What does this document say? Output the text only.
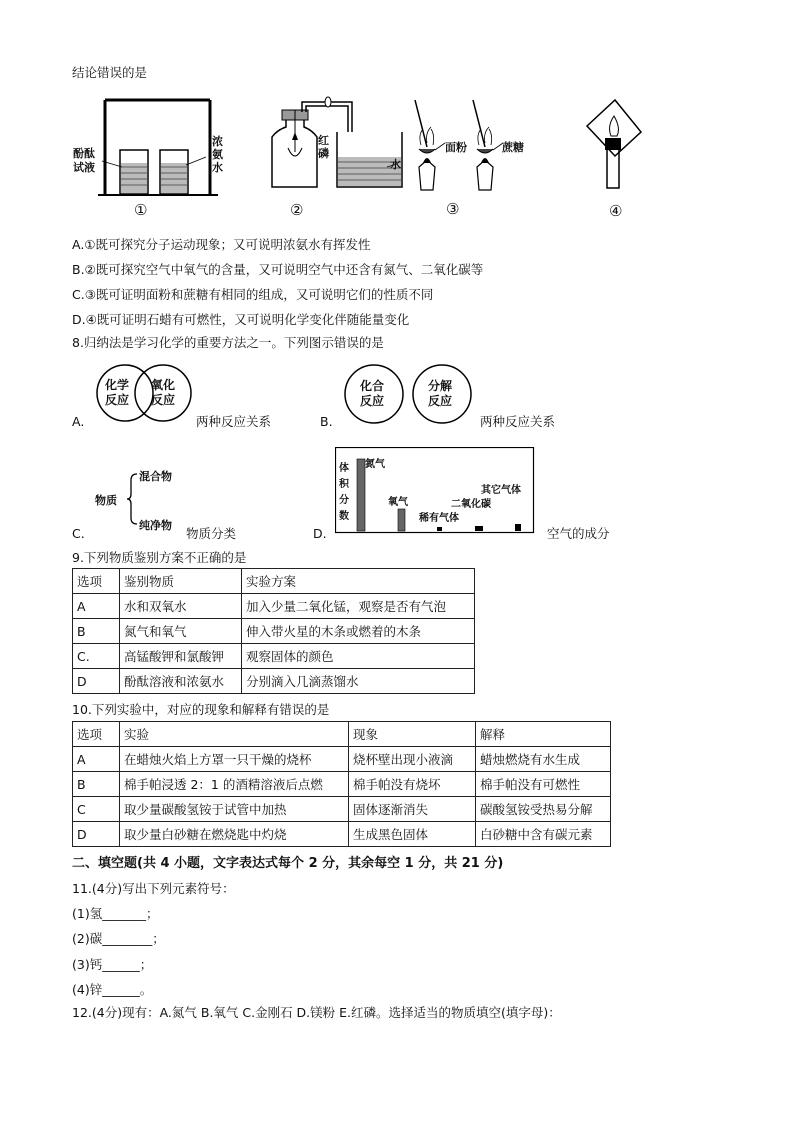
结论错误的是
酚酞试液
浓氨水
①
红磷
水
②
面粉	蔗糖
③	④
A.①既可探究分子运动现象；又可说明浓氨水有挥发性
B.②既可探究空气中氧气的含量，又可说明空气中还含有氮气、二氧化碳等
C.③既可证明面粉和蔗糖有相同的组成，又可说明它们的性质不同
D.④既可证明石蜡有可燃性，又可说明化学变化伴随能量变化
8.归纳法是学习化学的重要方法之一。下列图示错误的是
化学反应
氧化反应
A.	两种反应关系
化合反应
分解反应
B.	两种反应关系
物质
混合物
纯净物
C.	物质分类
体积分数
氮气
氧气
稀有气体
二氧化碳
其它气体
D.	空气的成分
9.下列物质鉴别方案不正确的是
选项	鉴别物质	实验方案
A	水和双氧水	加入少量二氧化锰，观察是否有气泡
B	氮气和氧气	伸入带火星的木条或燃着的木条
C.	高锰酸钾和氯酸钾	观察固体的颜色
D	酚酞溶液和浓氨水	分别滴入几滴蒸馏水
10.下列实验中，对应的现象和解释有错误的是
选项	实验	现象	解释
A	在蜡烛火焰上方罩一只干燥的烧杯	烧杯壁出现小液滴	蜡烛燃烧有水生成
B	棉手帕浸透 2：1 的酒精溶液后点燃	棉手帕没有烧坏	棉手帕没有可燃性
C	取少量碳酸氢铵于试管中加热	固体逐渐消失	碳酸氢铵受热易分解
D	取少量白砂糖在燃烧匙中灼烧	生成黑色固体	白砂糖中含有碳元素
二、填空题(共 4 小题，文字表达式每个 2 分，其余每空 1 分，共 21 分)
11.(4分)写出下列元素符号：
(1)氢_______；
(2)碳________；
(3)钙______；
(4)锌______。
12.(4分)现有：A.氮气 B.氧气 C.金刚石 D.镁粉 E.红磷。选择适当的物质填空(填字母)：
